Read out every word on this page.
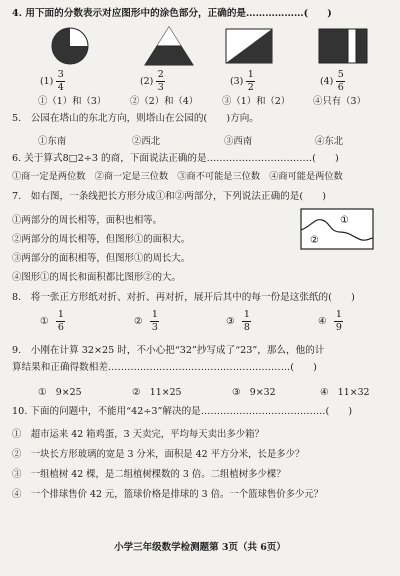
4. 用下面的分数表示对应图形中的涂色部分，正确的是………………(　　)
$(1) \frac{3}{4}$	$(2) \frac{2}{3}$	$(3) \frac{1}{2}$	$(4) \frac{5}{6}$
①（1）和（3）	②（2）和（4）	③（1）和（2） ④只有（3）
5.　公园在塔山的东北方向，则塔山在公园的(　　)方向。
①东南	②西北	③西南	④东北
6. 关于算式8□2÷3 的商，下面说法正确的是……………………………(　　)
①商一定是两位数　②商一定是三位数　③商不可能是三位数　④商可能是两位数
7.　如右图，一条线把长方形分成①和②两部分，下列说法正确的是(　　)
①两部分的周长相等，面积也相等。
②两部分的周长相等，但图形①的面积大。
③两部分的面积相等，但图形①的周长大。
④图形①的周长和面积都比图形②的大。
①
②
8.　将一张正方形纸对折、对折、再对折，展开后其中的每一份是这张纸的(　　)
① $\frac{1}{6}$	② $\frac{1}{3}$	③ $\frac{1}{8}$	④ $\frac{1}{9}$
9.　小刚在计算 32×25 时，不小心把“32”抄写成了“23”，那么，他的计
算结果和正确得数相差…………………………………………………(　　)
①　9×25	②　11×25	③　9×32	④　11×32
10. 下面的问题中，不能用“42÷3”解决的是…………………………………(　　)
①　超市运来 42 箱鸡蛋，3 天卖完，平均每天卖出多少箱？
②　一块长方形玻璃的宽是 3 分米，面积是 42 平方分米，长是多少？
③　一组植树 42 棵，是二组植树棵数的 3 倍。二组植树多少棵？
④　一个排球售价 42 元，篮球价格是排球的 3 倍。一个篮球售价多少元？
小学三年级数学检测题第 3页（共 6页）
